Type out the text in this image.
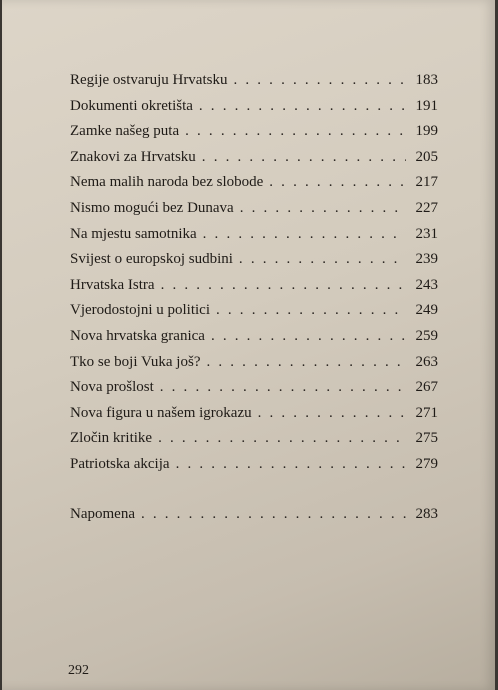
Regije ostvaruju Hrvatsku . . .	183
Dokumenti okretišta . . .	191
Zamke našeg puta . . .	199
Znakovi za Hrvatsku . . .	205
Nema malih naroda bez slobode . . .	217
Nismo mogući bez Dunava . . .	227
Na mjestu samotnika . . .	231
Svijest o europskoj sudbini . . .	239
Hrvatska Istra . . .	243
Vjerodostojni u politici . . .	249
Nova hrvatska granica . . .	259
Tko se boji Vuka još? . . .	263
Nova prošlost . . .	267
Nova figura u našem igrokazu . . .	271
Zločin kritike . . .	275
Patriotska akcija . . .	279
Napomena . . .	283
292
